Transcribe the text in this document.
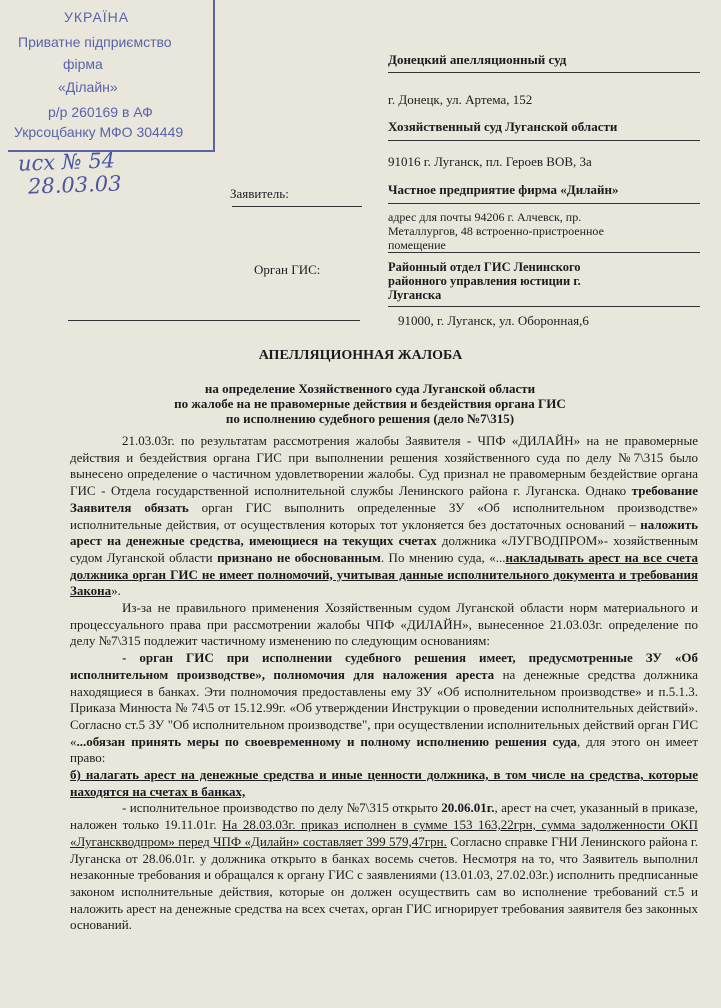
УКРАЇНА
Приватне підприємство
фірма
«Ділайн»
р/р 260169 в АФ
Укрсоцбанку МФО 304449
исх № 54
28.03.03
Донецкий апелляционный суд
г. Донецк, ул. Артема, 152
Хозяйственный суд Луганской области
91016 г. Луганск, пл. Героев ВОВ, 3а
Заявитель:	Частное предприятие фирма «Дилайн»
адрес для почты 94206 г. Алчевск, пр.
Металлургов, 48 встроенно-пристроенное
помещение
Орган ГИС:	Районный отдел ГИС Ленинского
районного управления юстиции г.
Луганска
91000, г. Луганск, ул. Оборонная,6
АПЕЛЛЯЦИОННАЯ ЖАЛОБА
на определение Хозяйственного суда Луганской области
по жалобе на не правомерные действия и бездействия органа ГИС
по исполнению судебного решения (дело №7\315)

21.03.03г. по результатам рассмотрения жалобы Заявителя - ЧПФ «ДИЛАЙН» на не правомерные действия и бездействия органа ГИС при выполнении решения хозяйственного суда по делу №7\315 было вынесено определение о частичном удовлетворении жалобы. Суд признал не правомерным бездействие органа ГИС - Отдела государственной исполнительной службы Ленинского района г. Луганска. Однако требование Заявителя обязать орган ГИС выполнить определенные ЗУ «Об исполнительном производстве» исполнительные действия, от осуществления которых тот уклоняется без достаточных оснований – наложить арест на денежные средства, имеющиеся на текущих счетах должника «ЛУГВОДПРОМ»- хозяйственным судом Луганской области признано не обоснованным. По мнению суда, «...накладывать арест на все счета должника орган ГИС не имеет полномочий, учитывая данные исполнительного документа и требования Закона».

Из-за не правильного применения Хозяйственным судом Луганской области норм материального и процессуального права при рассмотрении жалобы ЧПФ «ДИЛАЙН», вынесенное 21.03.03г. определение по делу №7\315 подлежит частичному изменению по следующим основаниям:

- орган ГИС при исполнении судебного решения имеет, предусмотренные ЗУ «Об исполнительном производстве», полномочия для наложения ареста на денежные средства должника находящиеся в банках. Эти полномочия предоставлены ему ЗУ «Об исполнительном производстве» и п.5.1.3. Приказа Минюста № 74\5 от 15.12.99г. «Об утверждении Инструкции о проведении исполнительных действий». Согласно ст.5 ЗУ "Об исполнительном производстве", при осуществлении исполнительных действий орган ГИС «...обязан принять меры по своевременному и полному исполнению решения суда, для этого он имеет право:

б) налагать арест на денежные средства и иные ценности должника, в том числе на средства, которые находятся на счетах в банках,

- исполнительное производство по делу №7\315 открыто 20.06.01г., арест на счет, указанный в приказе, наложен только 19.11.01г. На 28.03.03г. приказ исполнен в сумме 153 163,22грн, сумма задолженности ОКП «Луганскводпром» перед ЧПФ «Дилайн» составляет 399 579,47грн. Согласно справке ГНИ Ленинского района г. Луганска от 28.06.01г. у должника открыто в банках восемь счетов. Несмотря на то, что Заявитель выполнил незаконные требования и обращался к органу ГИС с заявлениями (13.01.03, 27.02.03г.) исполнить предписанные законом исполнительные действия, которые он должен осуществить сам во исполнение требований ст.5 и наложить арест на денежные средства на всех счетах, орган ГИС игнорирует требования заявителя без законных оснований.
